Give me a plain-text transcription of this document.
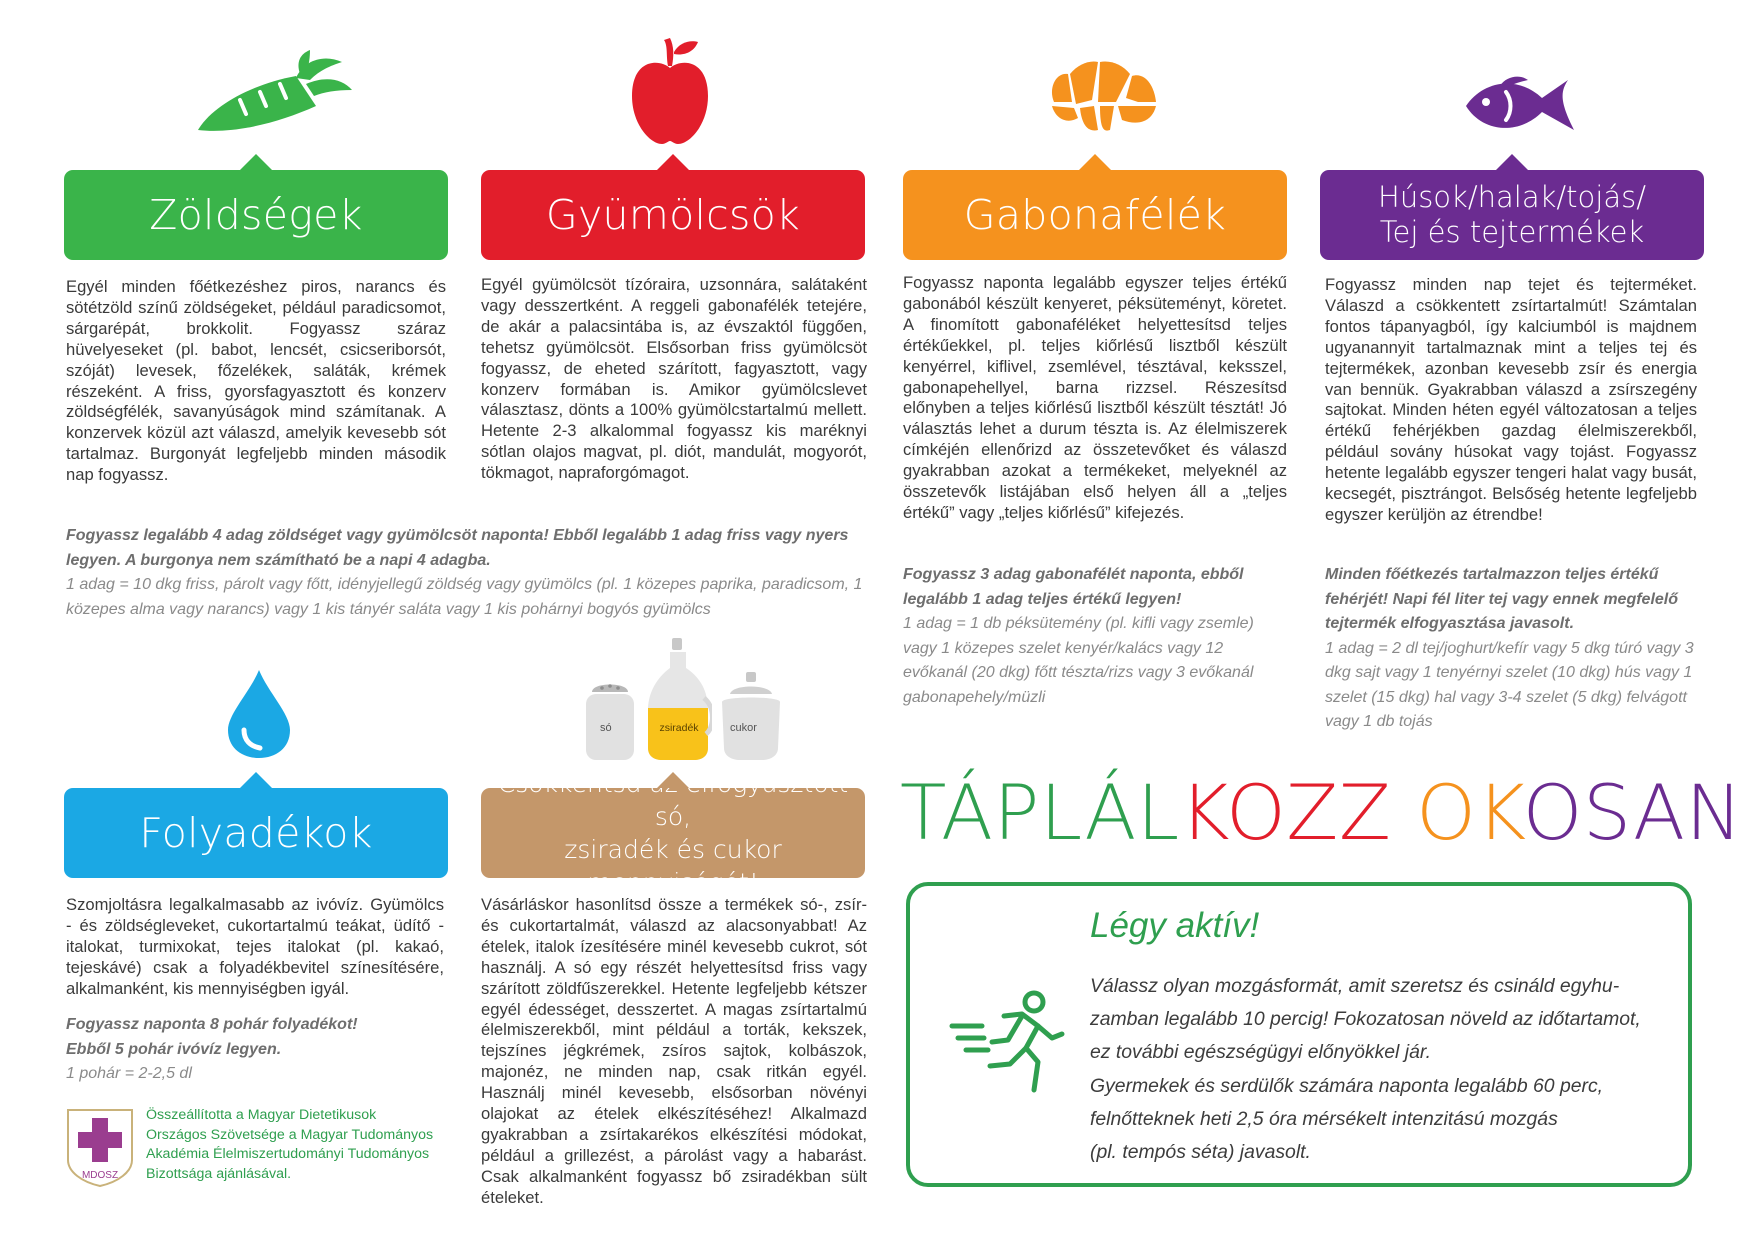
só	zsiradék	cukor
Zöldségek	Gyümölcsök	Gabonafélék	Húsok/halak/tojás/
Tej és tejtermékek
Folyadékok
Csökkentsd az elfogyasztott só,
zsiradék és cukor mennyiségét!

Egyél minden főétkezéshez piros, narancs és sötétzöld színű zöldségeket, például paradicsomot, sárgarépát, brokkolit. Fogyassz száraz hüvelyeseket (pl. babot, lencsét, csicseriborsót, szóját) levesek, főzelékek, saláták, krémek részeként. A friss, gyorsfagyasztott és konzerv zöldségfélék, savanyúságok mind számítanak. A konzervek közül azt válaszd, amelyik kevesebb sót tartalmaz. Burgonyát legfeljebb minden második nap fogyassz.

Egyél gyümölcsöt tízóraira, uzsonnára, salátaként vagy desszertként. A reggeli gabonafélék tetejére, de akár a palacsintába is, az évszaktól függően, tehetsz gyümölcsöt. Elsősorban friss gyümölcsöt fogyassz, de eheted szárított, fagyasztott, vagy konzerv formában is. Amikor gyümölcslevet választasz, dönts a 100% gyümölcstartalmú mellett. Hetente 2-3 alkalommal fogyassz kis maréknyi sótlan olajos magvat, pl. diót, mandulát, mogyorót, tökmagot, napraforgómagot.

Fogyassz naponta legalább egyszer teljes értékű gabonából készült kenyeret, péksüteményt, köretet. A finomított gabonaféléket helyettesítsd teljes értékűekkel, pl. teljes kiőrlésű lisztből készült kenyérrel, kiflivel, zsemlével, tésztával, keksszel, gabonapehellyel, barna rizzsel. Részesítsd előnyben a teljes kiőrlésű lisztből készült tésztát! Jó választás lehet a durum tészta is. Az élelmiszerek címkéjén ellenőrizd az összetevőket és válaszd gyakrabban azokat a termékeket, melyeknél az összetevők listájában első helyen áll a „teljes értékű” vagy „teljes kiőrlésű” kifejezés.

Fogyassz minden nap tejet és tejterméket. Válaszd a csökkentett zsírtartalmút! Számtalan fontos tápanyagból, így kalciumból is majdnem ugyanannyit tartalmaznak mint a teljes tej és tejtermékek, azonban kevesebb zsír és energia van bennük. Gyakrabban válaszd a zsírszegény sajtokat. Minden héten egyél változatosan a teljes értékű fehérjékben gazdag élelmiszerekből, például sovány húsokat vagy tojást. Fogyassz hetente legalább egyszer tengeri halat vagy busát, kecsegét, pisztrángot. Belsőség hetente legfeljebb egyszer kerüljön az étrendbe!

Szomjoltásra legalkalmasabb az ivóvíz. Gyümölcs - és zöldségleveket, cukortartalmú teákat, üdítő - italokat, turmixokat, tejes italokat (pl. kakaó, tejeskávé) csak a folyadékbevitel színesítésére, alkalmanként, kis mennyiségben igyál.

Vásárláskor hasonlítsd össze a termékek só-, zsír- és cukortartalmát, válaszd az alacsonyabbat! Az ételek, italok ízesítésére minél kevesebb cukrot, sót használj. A só egy részét helyettesítsd friss vagy szárított zöldfűszerekkel. Hetente legfeljebb kétszer egyél édességet, desszertet. A magas zsírtartalmú élelmiszerekből, mint például a torták, kekszek, tejszínes jégkrémek, zsíros sajtok, kolbászok, majonéz, ne minden nap, csak ritkán egyél. Használj minél kevesebb, elsősorban növényi olajokat az ételek elkészítéséhez! Alkalmazd gyakrabban a zsírtakarékos elkészítési módokat, például a grillezést, a párolást vagy a habarást. Csak alkalmanként fogyassz bő zsiradékban sült ételeket.

Fogyassz legalább 4 adag zöldséget vagy gyümölcsöt naponta! Ebből legalább 1 adag friss vagy nyers legyen. A burgonya nem számítható be a napi 4 adagba.
1 adag = 10 dkg friss, párolt vagy főtt, idényjellegű zöldség vagy gyümölcs (pl. 1 közepes paprika, paradicsom, 1 közepes alma vagy narancs) vagy 1 kis tányér saláta vagy 1 kis pohárnyi bogyós gyümölcs
Fogyassz 3 adag gabonafélét naponta, ebből legalább 1 adag teljes értékű legyen!
1 adag = 1 db péksütemény (pl. kifli vagy zsemle) vagy 1 közepes szelet kenyér/kalács vagy 12 evőkanál (20 dkg) főtt tészta/rizs vagy 3 evőkanál gabonapehely/müzli
Minden főétkezés tartalmazzon teljes értékű fehérjét! Napi fél liter tej vagy ennek megfelelő tejtermék elfogyasztása javasolt.
1 adag = 2 dl tej/joghurt/kefír vagy 5 dkg túró vagy 3 dkg sajt vagy 1 tenyérnyi szelet (10 dkg) hús vagy 1 szelet (15 dkg) hal vagy 3-4 szelet (5 dkg) felvágott vagy 1 db tojás
Fogyassz naponta 8 pohár folyadékot! Ebből 5 pohár ivóvíz legyen.
1 pohár = 2-2,5 dl
TÁPLÁLKOZZ OKOSAN
Légy aktív!
Válassz olyan mozgásformát, amit szeretsz és csináld egyhu-
zamban legalább 10 percig! Fokozatosan növeld az időtartamot,
ez további egészségügyi előnyökkel jár.
Gyermekek és serdülők számára naponta legalább 60 perc,
felnőtteknek heti 2,5 óra mérsékelt intenzitású mozgás
(pl. tempós séta) javasolt.
MDOSZ
Összeállította a Magyar Dietetikusok
Országos Szövetsége a Magyar Tudományos
Akadémia Élelmiszertudományi Tudományos
Bizottsága ajánlásával.
